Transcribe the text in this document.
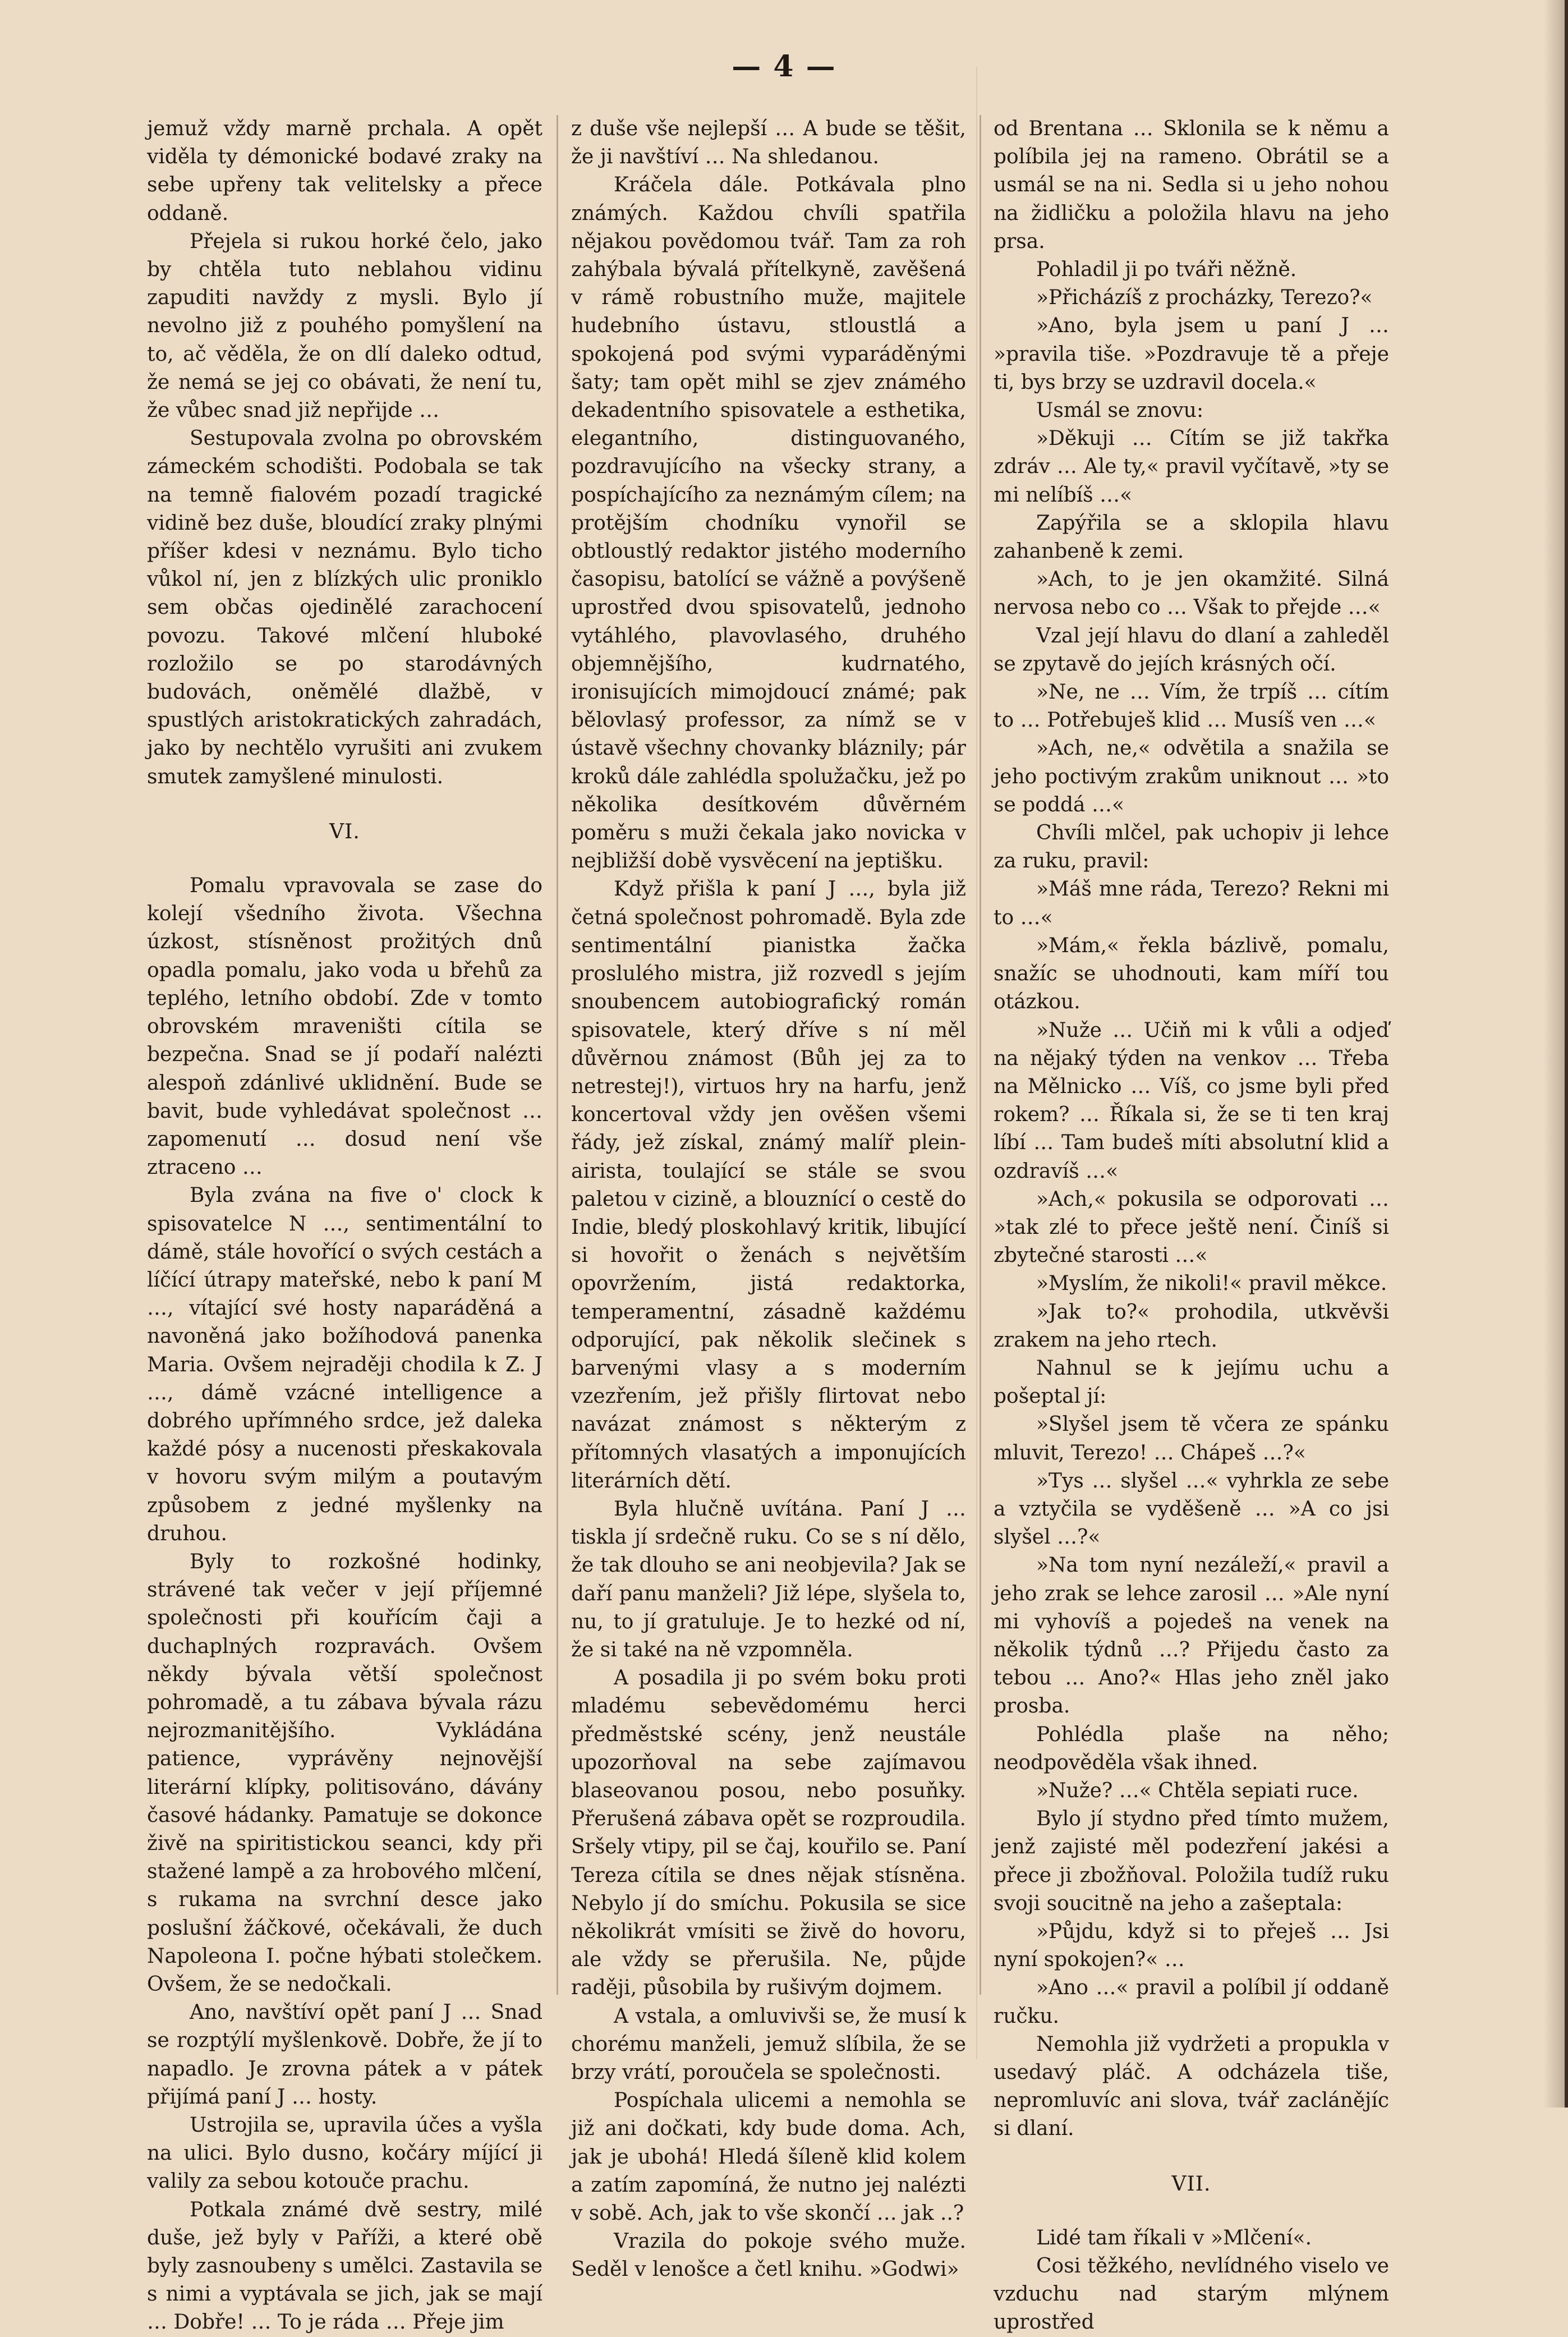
— 4 —

jemuž vždy marně prchala. A opět viděla ty démonické bodavé zraky na sebe upřeny tak velitelsky a přece oddaně.

Přejela si rukou horké čelo, jako by chtěla tuto neblahou vidinu zapuditi navždy z mysli. Bylo jí nevolno již z pouhého pomyšlení na to, ač věděla, že on dlí daleko odtud, že nemá se jej co obávati, že není tu, že vůbec snad již nepřijde …

Sestupovala zvolna po obrovském zámeckém schodišti. Podobala se tak na temně fialovém pozadí tragické vidině bez duše, bloudící zraky plnými příšer kdesi v neznámu. Bylo ticho vůkol ní, jen z blízkých ulic proniklo sem občas ojedinělé zarachocení povozu. Takové mlčení hluboké rozložilo se po starodávných budovách, oněmělé dlažbě, v spustlých aristokratických zahradách, jako by nechtělo vyrušiti ani zvukem smutek zamyšlené minulosti.

VI.

Pomalu vpravovala se zase do kolejí všedního života. Všechna úzkost, stísněnost prožitých dnů opadla pomalu, jako voda u břehů za teplého, letního období. Zde v tomto obrovském mraveništi cítila se bezpečna. Snad se jí podaří nalézti alespoň zdánlivé uklidnění. Bude se bavit, bude vyhledávat společnost … zapomenutí … dosud není vše ztraceno …

Byla zvána na five o' clock k spisovatelce N …, sentimentální to dámě, stále hovořící o svých cestách a líčící útrapy mateřské, nebo k paní M …, vítající své hosty naparáděná a navoněná jako božíhodová panenka Maria. Ovšem nejraději chodila k Z. J …, dámě vzácné intelligence a dobrého upřímného srdce, jež daleka každé pósy a nucenosti přeskakovala v hovoru svým milým a poutavým způsobem z jedné myšlenky na druhou.

Byly to rozkošné hodinky, strávené tak večer v její příjemné společnosti při kouřícím čaji a duchaplných rozpravách. Ovšem někdy bývala větší společnost pohromadě, a tu zábava bývala rázu nejrozmanitějšího. Vykládána patience, vyprávěny nejnovější literární klípky, politisováno, dávány časové hádanky. Pamatuje se dokonce živě na spiritistickou seanci, kdy při stažené lampě a za hrobového mlčení, s rukama na svrchní desce jako poslušní žáčkové, očekávali, že duch Napoleona I. počne hýbati stolečkem. Ovšem, že se nedočkali.

Ano, navštíví opět paní J … Snad se rozptýlí myšlenkově. Dobře, že jí to napadlo. Je zrovna pátek a v pátek přijímá paní J … hosty.

Ustrojila se, upravila účes a vyšla na ulici. Bylo dusno, kočáry míjící ji valily za sebou kotouče prachu.

Potkala známé dvě sestry, milé duše, jež byly v Paříži, a které obě byly zasnoubeny s umělci. Zastavila se s nimi a vyptávala se jich, jak se mají … Dobře! … To je ráda … Přeje jim

z duše vše nejlepší … A bude se těšit, že ji navštíví … Na shledanou.

Kráčela dále. Potkávala plno známých. Každou chvíli spatřila nějakou povědomou tvář. Tam za roh zahýbala bývalá přítelkyně, zavěšená v rámě robustního muže, majitele hudebního ústavu, stloustlá a spokojená pod svými vyparáděnými šaty; tam opět mihl se zjev známého dekadentního spisovatele a esthetika, elegantního, distinguovaného, pozdravujícího na všecky strany, a pospíchajícího za neznámým cílem; na protějším chodníku vynořil se obtloustlý redaktor jistého moderního časopisu, batolící se vážně a povýšeně uprostřed dvou spisovatelů, jednoho vytáhlého, plavovlasého, druhého objemnějšího, kudrnatého, ironisujících mimojdoucí známé; pak bělovlasý professor, za nímž se v ústavě všechny chovanky bláznily; pár kroků dále zahlédla spolužačku, jež po několika desítkovém důvěrném poměru s muži čekala jako novicka v nejbližší době vysvěcení na jeptišku.

Když přišla k paní J …, byla již četná společnost pohromadě. Byla zde sentimentální pianistka žačka proslulého mistra, již rozvedl s jejím snoubencem autobiografický román spisovatele, který dříve s ní měl důvěrnou známost (Bůh jej za to netrestej!), virtuos hry na harfu, jenž koncertoval vždy jen ověšen všemi řády, jež získal, známý malíř plein-airista, toulající se stále se svou paletou v cizině, a blouznící o cestě do Indie, bledý ploskohlavý kritik, libující si hovořit o ženách s největším opovržením, jistá redaktorka, temperamentní, zásadně každému odporující, pak několik slečinek s barvenými vlasy a s moderním vzezřením, jež přišly flirtovat nebo navázat známost s některým z přítomných vlasatých a imponujících literárních dětí.

Byla hlučně uvítána. Paní J … tiskla jí srdečně ruku. Co se s ní dělo, že tak dlouho se ani neobjevila? Jak se daří panu manželi? Již lépe, slyšela to, nu, to jí gratuluje. Je to hezké od ní, že si také na ně vzpomněla.

A posadila ji po svém boku proti mladému sebevědomému herci předměstské scény, jenž neustále upozorňoval na sebe zajímavou blaseovanou posou, nebo posuňky. Přerušená zábava opět se rozproudila. Sršely vtipy, pil se čaj, kouřilo se. Paní Tereza cítila se dnes nějak stísněna. Nebylo jí do smíchu. Pokusila se sice několikrát vmísiti se živě do hovoru, ale vždy se přerušila. Ne, půjde raději, působila by rušivým dojmem.

A vstala, a omluvivši se, že musí k chorému manželi, jemuž slíbila, že se brzy vrátí, poroučela se společnosti.

Pospíchala ulicemi a nemohla se již ani dočkati, kdy bude doma. Ach, jak je ubohá! Hledá šíleně klid kolem a zatím zapomíná, že nutno jej nalézti v sobě. Ach, jak to vše skončí … jak ..?

Vrazila do pokoje svého muže. Seděl v lenošce a četl knihu. »Godwi»

od Brentana … Sklonila se k němu a políbila jej na rameno. Obrátil se a usmál se na ni. Sedla si u jeho nohou na židličku a položila hlavu na jeho prsa.

Pohladil ji po tváři něžně.

»Přicházíš z procházky, Terezo?«

»Ano, byla jsem u paní J … »pravila tiše. »Pozdravuje tě a přeje ti, bys brzy se uzdravil docela.«

Usmál se znovu:

»Děkuji … Cítím se již takřka zdráv … Ale ty,« pravil vyčítavě, »ty se mi nelíbíš …«

Zapýřila se a sklopila hlavu zahanbeně k zemi.

»Ach, to je jen okamžité. Silná nervosa nebo co … Však to přejde …«

Vzal její hlavu do dlaní a zahleděl se zpytavě do jejích krásných očí.

»Ne, ne … Vím, že trpíš … cítím to … Potřebuješ klid … Musíš ven …«

»Ach, ne,« odvětila a snažila se jeho poctivým zrakům uniknout … »to se poddá …«

Chvíli mlčel, pak uchopiv ji lehce za ruku, pravil:

»Máš mne ráda, Terezo? Rekni mi to …«

»Mám,« řekla bázlivě, pomalu, snažíc se uhodnouti, kam míří tou otázkou.

»Nuže … Učiň mi k vůli a odjeď na nějaký týden na venkov … Třeba na Mělnicko … Víš, co jsme byli před rokem? … Říkala si, že se ti ten kraj líbí … Tam budeš míti absolutní klid a ozdravíš …«

»Ach,« pokusila se odporovati … »tak zlé to přece ještě není. Činíš si zbytečné starosti …«

»Myslím, že nikoli!« pravil měkce.

»Jak to?« prohodila, utkvěvši zrakem na jeho rtech.

Nahnul se k jejímu uchu a pošeptal jí:

»Slyšel jsem tě včera ze spánku mluvit, Terezo! … Chápeš …?«

»Tys … slyšel …« vyhrkla ze sebe a vztyčila se vyděšeně … »A co jsi slyšel …?«

»Na tom nyní nezáleží,« pravil a jeho zrak se lehce zarosil … »Ale nyní mi vyhovíš a pojedeš na venek na několik týdnů …? Přijedu často za tebou … Ano?« Hlas jeho zněl jako prosba.

Pohlédla plaše na něho; neodpověděla však ihned.

»Nuže? …« Chtěla sepiati ruce.

Bylo jí stydno před tímto mužem, jenž zajisté měl podezření jakési a přece ji zbožňoval. Položila tudíž ruku svoji soucitně na jeho a zašeptala:

»Půjdu, když si to přeješ … Jsi nyní spokojen?« …

»Ano …« pravil a políbil jí oddaně ručku.

Nemohla již vydržeti a propukla v usedavý pláč. A odcházela tiše, nepromluvíc ani slova, tvář zaclánějíc si dlaní.

VII.

Lidé tam říkali v »Mlčení«.

Cosi těžkého, nevlídného viselo ve vzduchu nad starým mlýnem uprostřed
